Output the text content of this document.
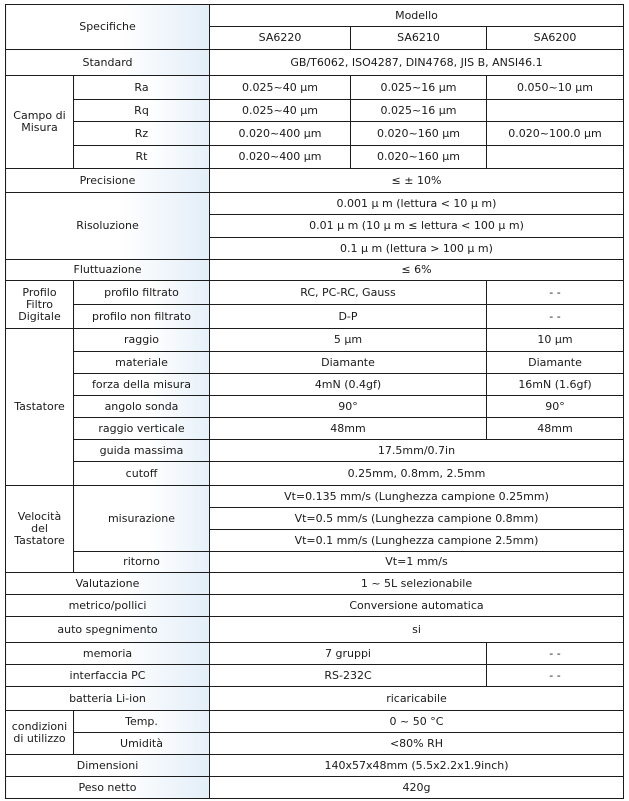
Specifiche		Modello		
		SA6220	SA6210	SA6200
Standard		GB/T6062, ISO4287, DIN4768, JIS B, ANSI46.1		
Campo di Misura	Ra	0.025~40 μm	0.025~16 μm	0.050~10 μm
	Rq	0.025~40 μm	0.025~16 μm	
	Rz	0.020~400 μm	0.020~160 μm	0.020~100.0 μm
	Rt	0.020~400 μm	0.020~160 μm	
Precisione		≤ ± 10%		
Risoluzione		0.001 μ m (lettura < 10 μ m)		
		0.01 μ m (10 μ m ≤ lettura < 100 μ m)		
		0.1 μ m (lettura > 100 μ m)		
Fluttuazione		≤ 6%		
Profilo Filtro Digitale	profilo filtrato	RC, PC-RC, Gauss		- -
	profilo non filtrato	D-P		- -
Tastatore	raggio	5 μm		10 μm
	materiale	Diamante		Diamante
	forza della misura	4mN (0.4gf)		16mN (1.6gf)
	angolo sonda	90°		90°
	raggio verticale	48mm		48mm
	guida massima	17.5mm/0.7in		
	cutoff	0.25mm, 0.8mm, 2.5mm		
Velocità del Tastatore	misurazione	Vt=0.135 mm/s (Lunghezza campione 0.25mm)		
		Vt=0.5 mm/s (Lunghezza campione 0.8mm)		
		Vt=0.1 mm/s (Lunghezza campione 2.5mm)		
	ritorno	Vt=1 mm/s		
Valutazione		1 ~ 5L selezionabile		
metrico/pollici		Conversione automatica		
auto spegnimento		si		
memoria		7 gruppi		- -
interfaccia PC		RS-232C		- -
batteria Li-ion		ricaricabile		
condizioni di utilizzo	Temp.	0 ~ 50 °C		
	Umidità	<80% RH		
Dimensioni		140x57x48mm (5.5x2.2x1.9inch)		
Peso netto		420g		
